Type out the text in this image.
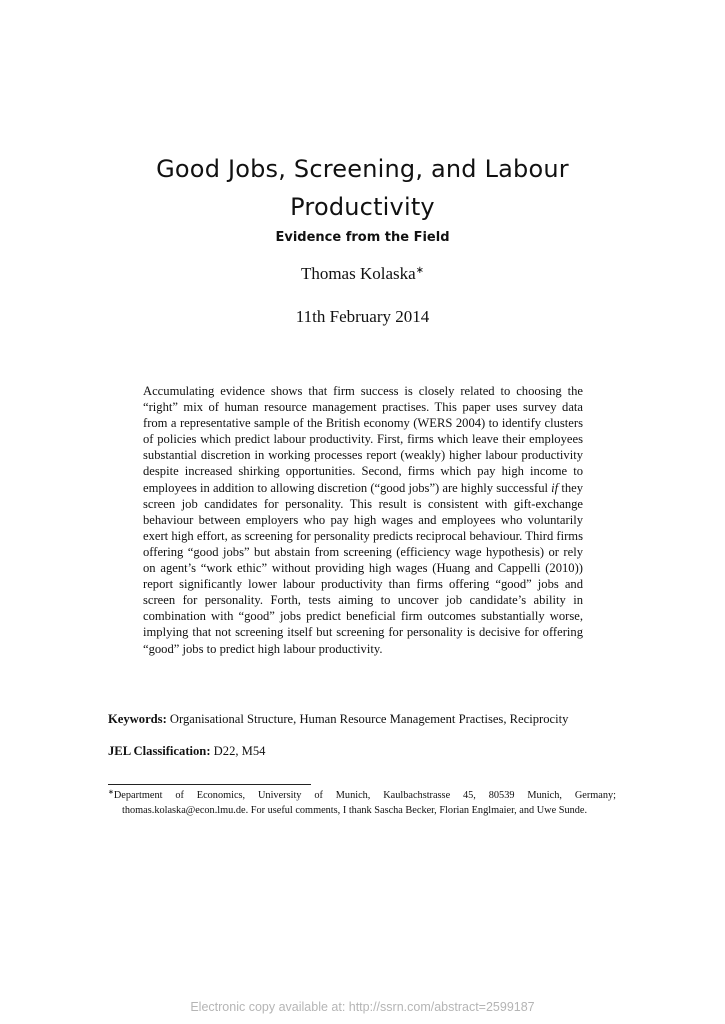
Good Jobs, Screening, and Labour
Productivity
Evidence from the Field
Thomas Kolaska∗
11th February 2014

Accumulating evidence shows that firm success is closely related to choosing the “right” mix of human resource management practises. This paper uses survey data from a representative sample of the British economy (WERS 2004) to identify clusters of policies which predict labour productivity. First, firms which leave their employees substantial discretion in working processes report (weakly) higher labour productivity despite increased shirking opportunities. Second, firms which pay high income to employees in addition to allowing discretion (“good jobs”) are highly successful if they screen job candidates for personality. This result is consistent with gift-exchange behaviour between employers who pay high wages and employees who voluntarily exert high effort, as screening for personality predicts reciprocal behaviour. Third firms offering “good jobs” but abstain from screening (efficiency wage hypothesis) or rely on agent’s “work ethic” without providing high wages (Huang and Cappelli (2010)) report significantly lower labour productivity than firms offering “good” jobs and screen for personality. Forth, tests aiming to uncover job candidate’s ability in combination with “good” jobs predict beneficial firm outcomes substantially worse, implying that not screening itself but screening for personality is decisive for offering “good” jobs to predict high labour productivity.

Keywords: Organisational Structure, Human Resource Management Practises, Reciprocity
JEL Classification: D22, M54
∗Department of Economics, University of Munich, Kaulbachstrasse 45, 80539 Munich, Germany; thomas.kolaska@econ.lmu.de. For useful comments, I thank Sascha Becker, Florian Englmaier, and Uwe Sunde.
Electronic copy available at: http://ssrn.com/abstract=2599187
